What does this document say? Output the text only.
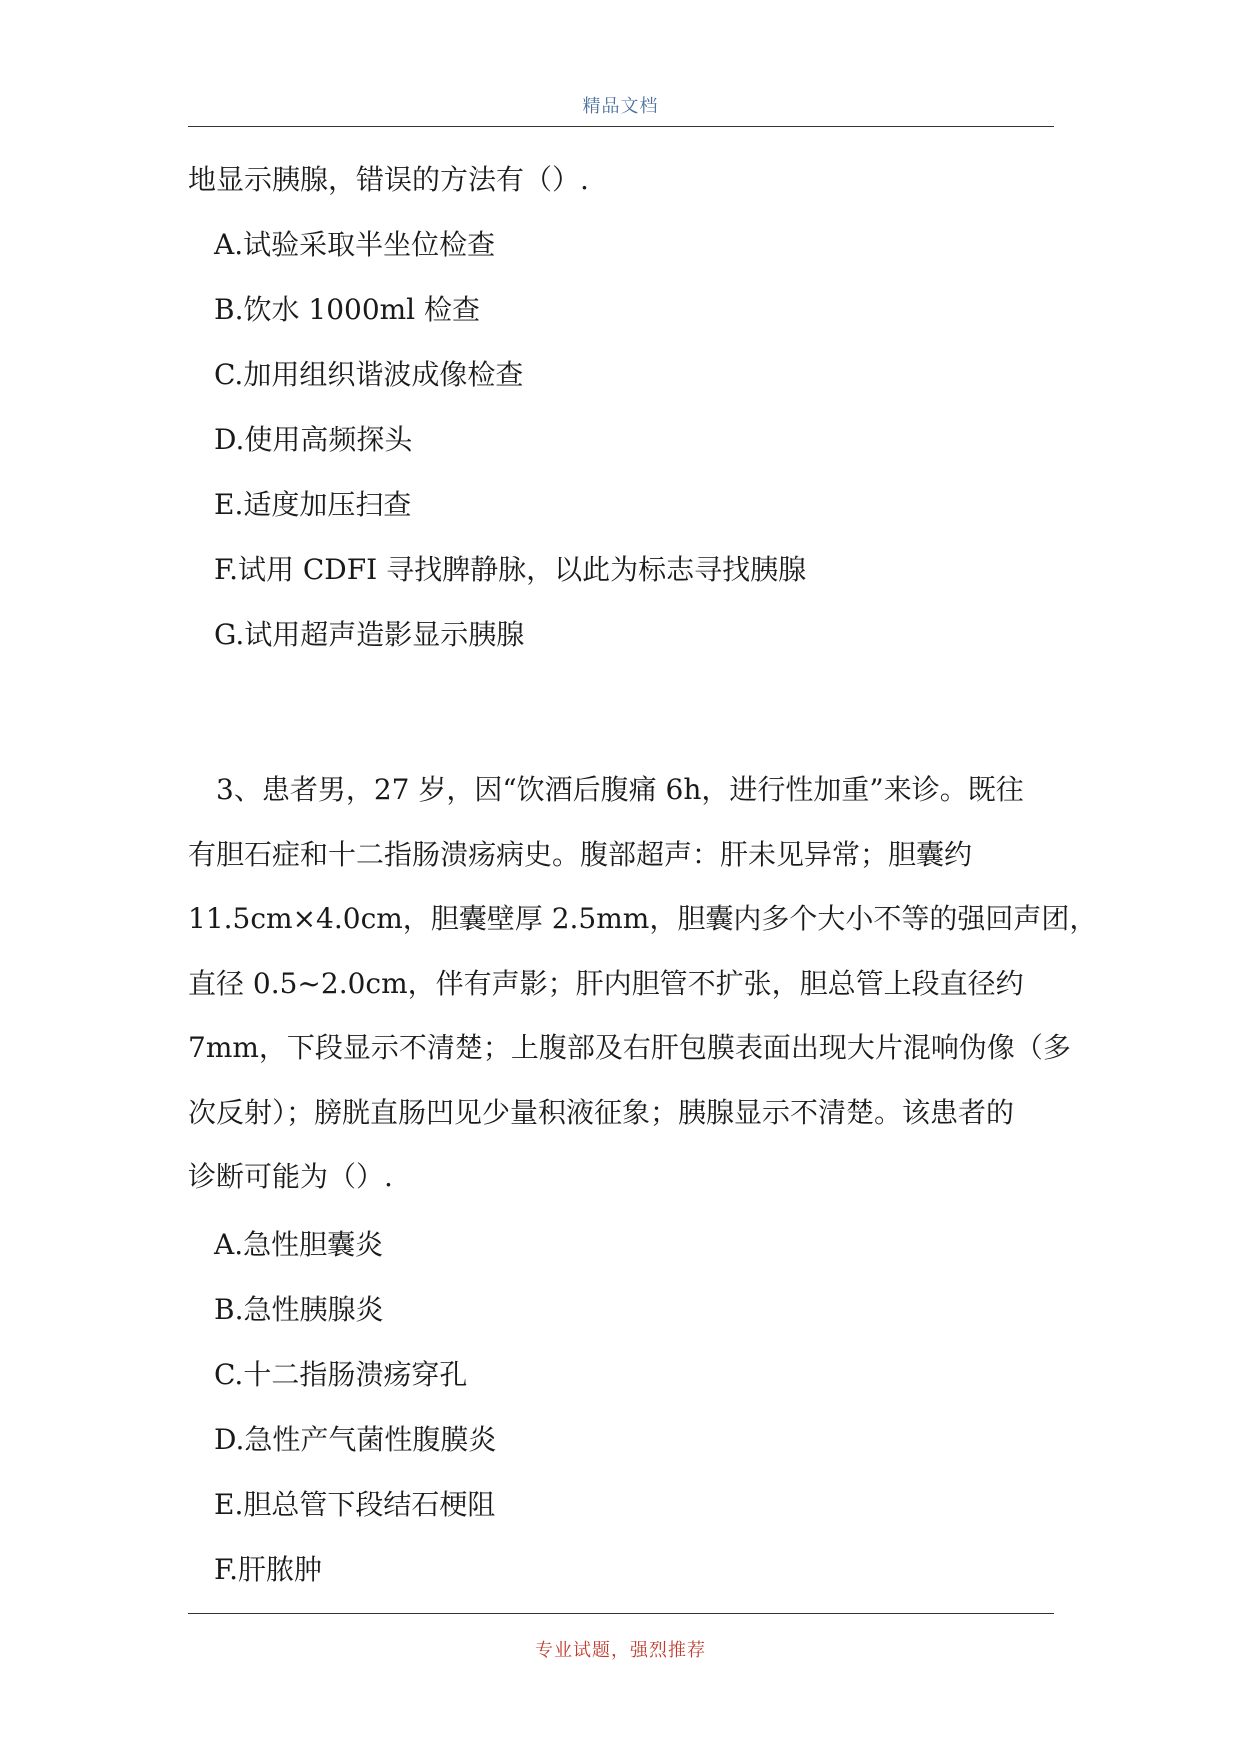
精品文档
地显示胰腺，错误的方法有（）.
A.试验采取半坐位检查
B.饮水 1000ml 检查
C.加用组织谐波成像检查
D.使用高频探头
E.适度加压扫查
F.试用 CDFI 寻找脾静脉，以此为标志寻找胰腺
G.试用超声造影显示胰腺
3、患者男，27 岁，因“饮酒后腹痛 6h，进行性加重”来诊。既往
有胆石症和十二指肠溃疡病史。腹部超声：肝未见异常；胆囊约
11.5cm×4.0cm，胆囊壁厚 2.5mm，胆囊内多个大小不等的强回声团，
直径 0.5~2.0cm，伴有声影；肝内胆管不扩张，胆总管上段直径约
7mm，下段显示不清楚；上腹部及右肝包膜表面出现大片混响伪像（多
次反射）；膀胱直肠凹见少量积液征象；胰腺显示不清楚。该患者的
诊断可能为（）.
A.急性胆囊炎
B.急性胰腺炎
C.十二指肠溃疡穿孔
D.急性产气菌性腹膜炎
E.胆总管下段结石梗阻
F.肝脓肿
专业试题，强烈推荐
